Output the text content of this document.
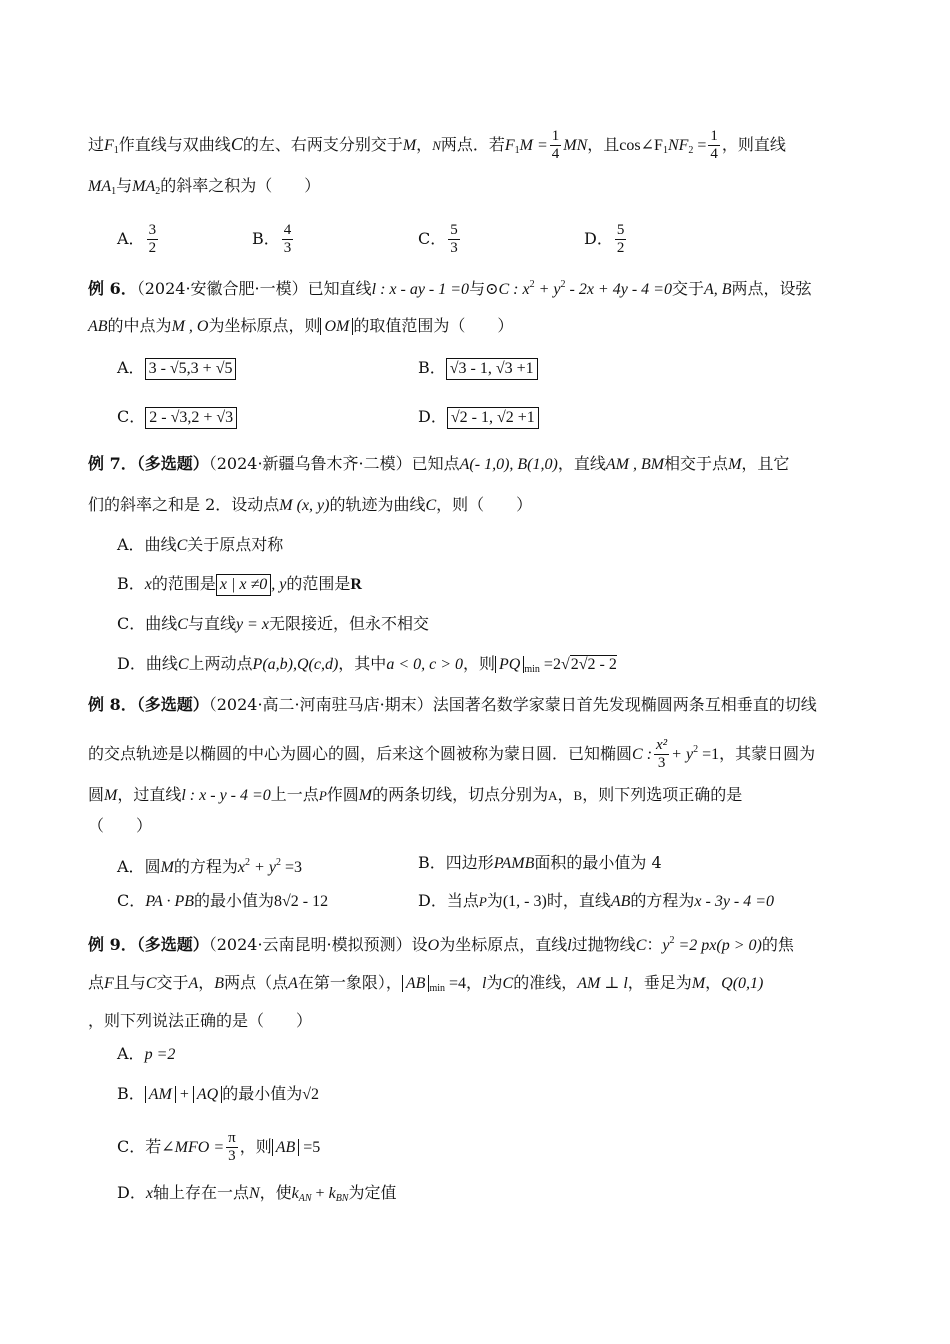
过$F_1$作直线与双曲线C的左、右两支分别交于M，N两点．若$F_1M = \frac{1}{4}$ MN，且$\cos\angle F_1NF_2 = \frac{1}{4}$ ，则直线
$MA_1$与$MA_2$的斜率之积为（　　）
A． $\frac{3}{2}$	B． $\frac{4}{3}$	C． $\frac{5}{3}$	D． $\frac{5}{2}$
例 6．（2024·安徽合肥·一模）已知直线l : x - ay - 1 =0与⊙C : $x^2 + y^2 - 2x + 4y - 4 =0$交于A, B两点，设弦
AB的中点为M , O为坐标原点，则 OM 的取值范围为（　　）
A． 3 - √5,3 + √5	B． √3 - 1, √3 +1
C． 2 - √3,2 + √3	D． √2 - 1, √2 +1
例 7．（多选题）（2024·新疆乌鲁木齐·二模）已知点A(- 1,0), B(1,0)，直线AM , BM相交于点M，且它
们的斜率之和是 2．设动点M (x, y)的轨迹为曲线C，则（　　）
A．曲线C关于原点对称
B．x的范围是 x | x ≠0 , y的范围是R
C．曲线C与直线y = x无限接近，但永不相交
D．曲线C上两动点P(a,b),Q(c,d)，其中a < 0, c > 0，则 PQ $_{min}$ =2√2√2 - 2
例 8．（多选题）（2024·高二·河南驻马店·期末）法国著名数学家蒙日首先发现椭圆两条互相垂直的切线
的交点轨迹是以椭圆的中心为圆心的圆，后来这个圆被称为蒙日圆．已知椭圆C : $\frac{\text{x²}}{3} + y^2 =1$，其蒙日圆为
圆M，过直线l : x - y - 4 =0上一点P作圆M的两条切线，切点分别为A，B，则下列选项正确的是
（　　）
A．圆M的方程为$x^2 + y^2 =3$	B．四边形PAMB面积的最小值为 4
C．PA · PB的最小值为8√2 - 12	D．当点P为(1, - 3)时，直线AB的方程为x - 3y - 4 =0
例 9．（多选题）（2024·云南昆明·模拟预测）设O为坐标原点，直线l过抛物线C：$y^2 =2$ px(p > 0)的焦
点F且与C交于A，B两点（点A在第一象限）， AB $_{min}$ =4，l为C的准线，AM ⊥ l，垂足为M，Q(0,1)
，则下列说法正确的是（　　）
A．p =2
B． AM + AQ 的最小值为√2
C．若∠MFO = $\frac{\pi}{3}$ ，则 AB =5
D．x轴上存在一点N，使$k_{AN} + k_{BN}$为定值
